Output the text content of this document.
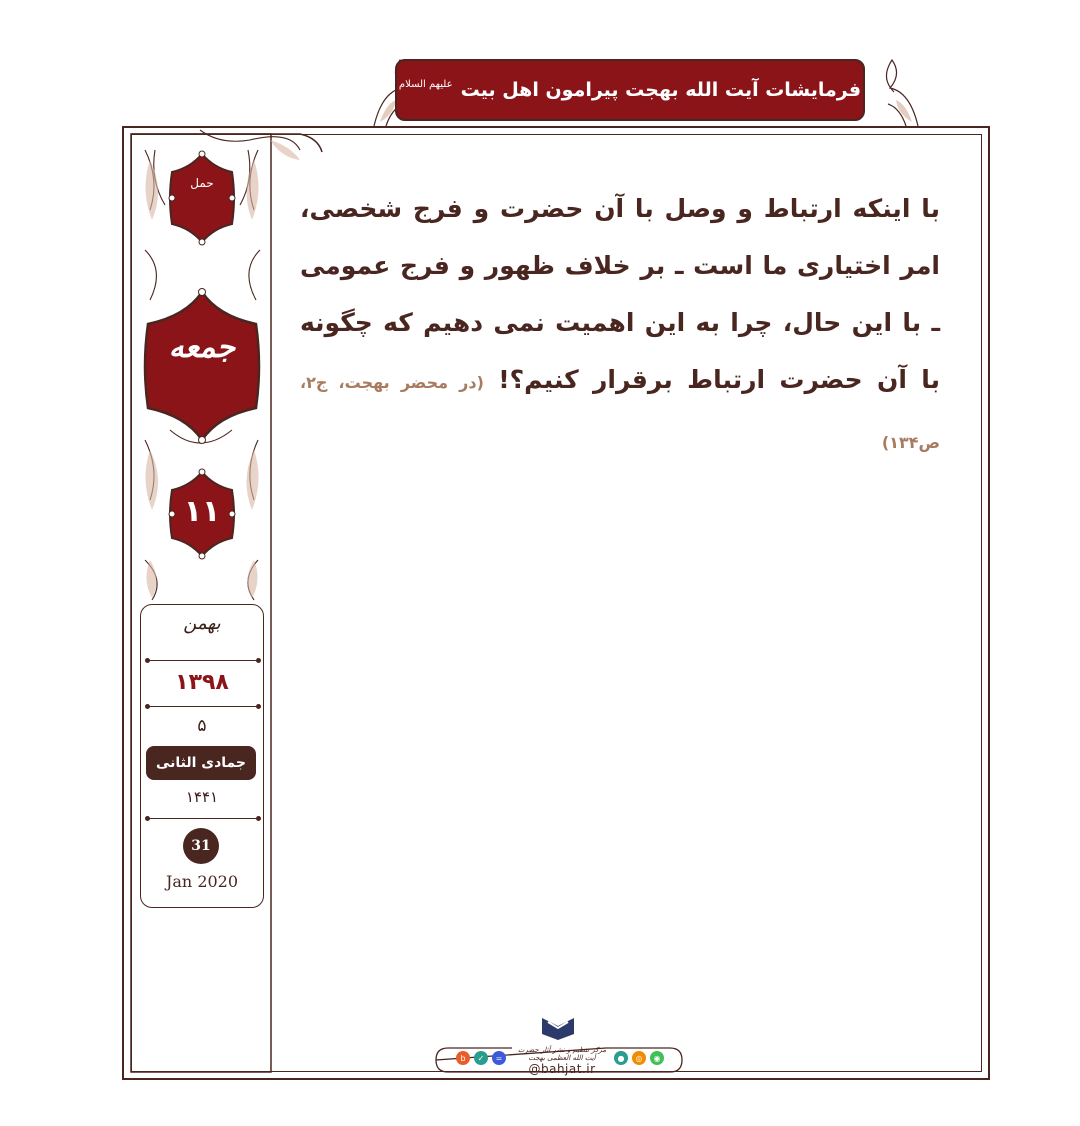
علیهم السلام فرمایشات آیت الله بهجت پیرامون اهل بیت
حمل
جمعه
۱۱
بهمن
۱۳۹۸
۵
جمادی الثانی
۱۴۴۱
31
Jan 2020
با اینکه ارتباط و وصل با آن حضرت و فرج شخصی، امر اختیاری ما است ـ بر خلاف ظهور و فرج عمومی ـ با این حال، چرا به این اهمیت نمی دهیم که چگونه با آن حضرت ارتباط برقرار کنیم؟! (در محضر بهجت، ج۲، ص۱۳۴)
b	✓	=	●	◎	◉
مرکز تنظیم و نشر آثار حضرت آیت الله العظمی بهجت
@bahjat.ir
